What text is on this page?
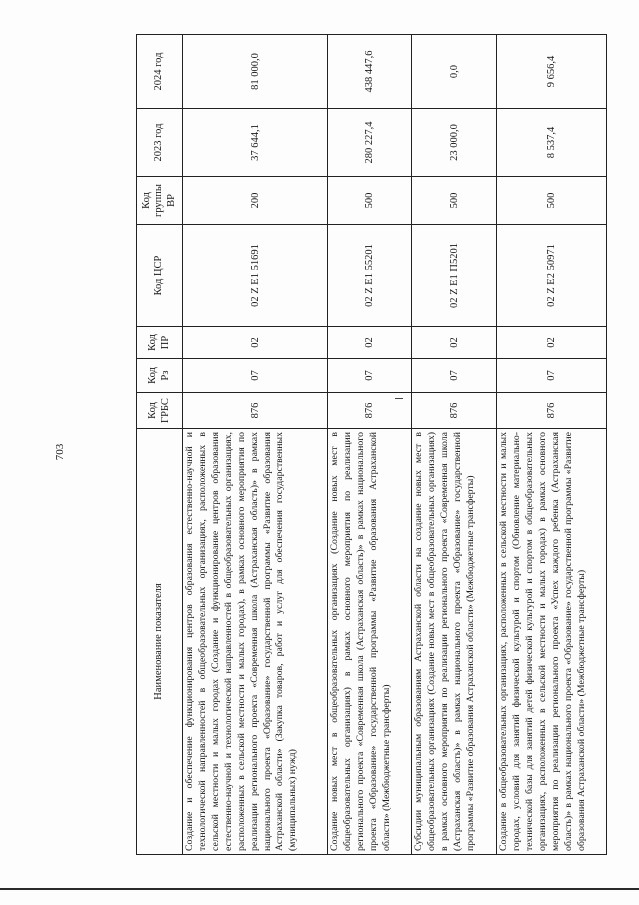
703
Наименование показателя	Код ГРБС	Код Рз	Код ПР	Код ЦСР	Код группы ВР	2023 год	2024 год
Создание и обеспечение функционирования центров образования естественно-научной и технологической направленностей в общеобразовательных организациях, расположенных в сельской местности и малых городах (Создание и функционирование центров образования естественно-научной и технологической направленностей в общеобразовательных организациях, расположенных в сельской местности и малых городах), в рамках основного мероприятия по реализации регионального проекта «Современная школа (Астраханская область)» в рамках национального проекта «Образование» государственной программы «Развитие образования Астраханской области» (Закупка товаров, работ и услуг для обеспечения государственных (муниципальных) нужд)	876	07	02	02 Z E1 51691	200	37 644,1	81 000,0
Создание новых мест в общеобразовательных организациях (Создание новых мест в общеобразовательных организациях) в рамках основного мероприятия по реализации регионального проекта «Современная школа (Астраханская область)» в рамках национального проекта «Образование» государственной программы «Развитие образования Астраханской области» (Межбюджетные трансферты)	876	07	02	02 Z E1 55201	500	280 227,4	438 447,6
Субсидии муниципальным образованиям Астраханской области на создание новых мест в общеобразовательных организациях (Создание новых мест в общеобразовательных организациях) в рамках основного мероприятия по реализации регионального проекта «Современная школа (Астраханская область)» в рамках национального проекта «Образование» государственной программы «Развитие образования Астраханской области» (Межбюджетные трансферты)	876	07	02	02 Z E1 П5201	500	23 000,0	0,0
Создание в общеобразовательных организациях, расположенных в сельской местности и малых городах, условий для занятий физической культурой и спортом (Обновление материально-технической базы для занятий детей физической культурой и спортом в общеобразовательных организациях, расположенных в сельской местности и малых городах) в рамках основного мероприятия по реализации регионального проекта «Успех каждого ребенка (Астраханская область)» в рамках национального проекта «Образование» государственной программы «Развитие образования Астраханской области» (Межбюджетные трансферты)	876	07	02	02 Z E2 50971	500	8 537,4	9 656,4
